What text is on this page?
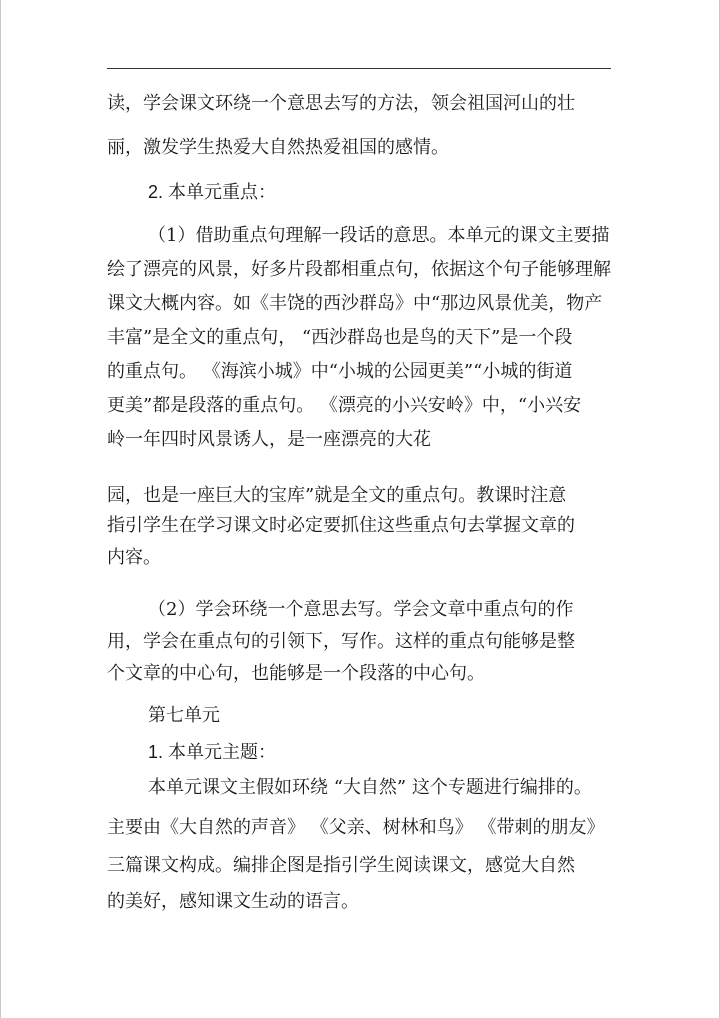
读，学会课文环绕一个意思去写的方法，领会祖国河山的壮

丽，激发学生热爱大自然热爱祖国的感情。

2. 本单元重点：

（1）借助重点句理解一段话的意思。本单元的课文主要描

绘了漂亮的风景，好多片段都相重点句，依据这个句子能够理解

课文大概内容。如《丰饶的西沙群岛》中“那边风景优美，物产

丰富”是全文的重点句， “西沙群岛也是鸟的天下”是一个段

的重点句。 《海滨小城》中“小城的公园更美”“小城的街道

更美”都是段落的重点句。 《漂亮的小兴安岭》中，“小兴安

岭一年四时风景诱人，是一座漂亮的大花

园，也是一座巨大的宝库”就是全文的重点句。教课时注意

指引学生在学习课文时必定要抓住这些重点句去掌握文章的

内容。

（2）学会环绕一个意思去写。学会文章中重点句的作

用，学会在重点句的引领下，写作。这样的重点句能够是整

个文章的中心句，也能够是一个段落的中心句。

第七单元

1. 本单元主题：

本单元课文主假如环绕 “大自然” 这个专题进行编排的。

主要由《大自然的声音》 《父亲、树林和鸟》 《带刺的朋友》

三篇课文构成。编排企图是指引学生阅读课文，感觉大自然

的美好，感知课文生动的语言。
